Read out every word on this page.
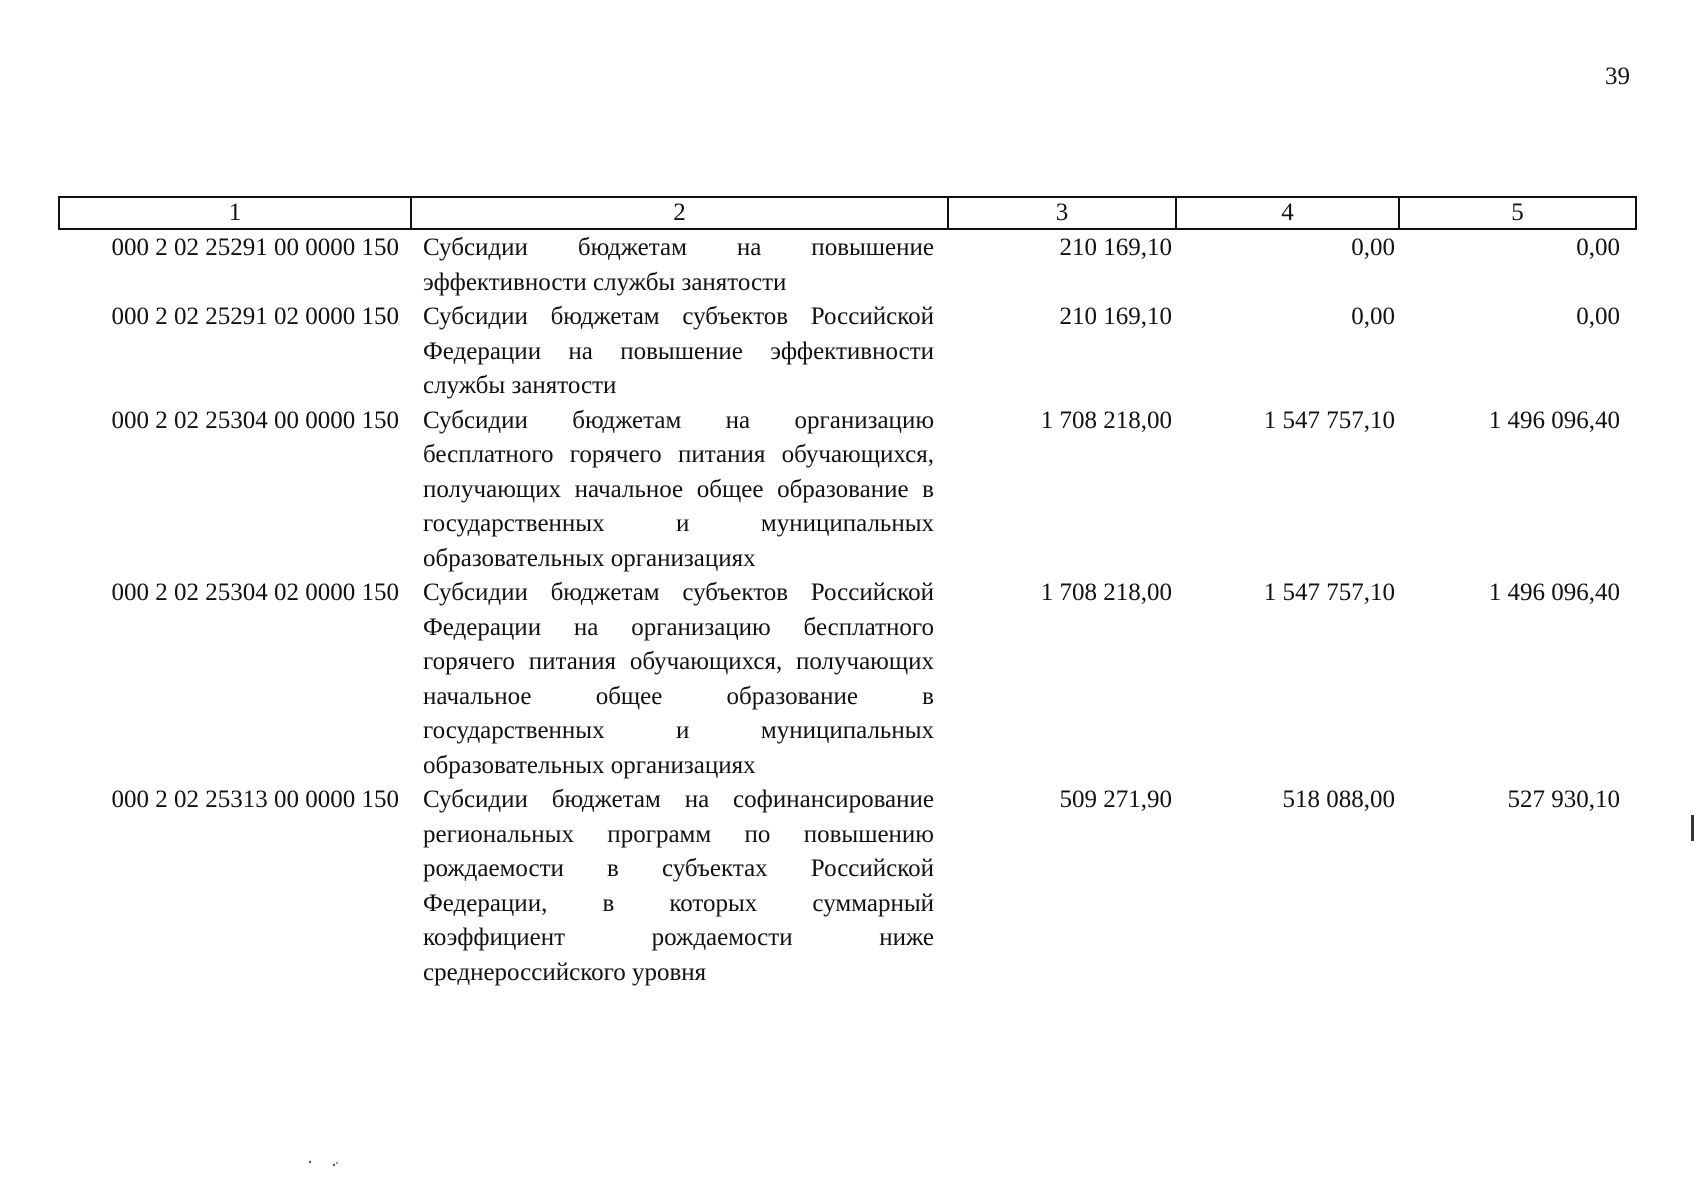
39
1	2	3	4	5
000 2 02 25291 00 0000 150	Субсидии бюджетам на повышение эффективности службы занятости	210 169,10	0,00	0,00
000 2 02 25291 02 0000 150	Субсидии бюджетам субъектов Российской Федерации на повышение эффективности службы занятости	210 169,10	0,00	0,00
000 2 02 25304 00 0000 150	Субсидии бюджетам на организацию бесплатного горячего питания обучающихся, получающих начальное общее образование в государственных и муниципальных образовательных организациях	1 708 218,00	1 547 757,10	1 496 096,40
000 2 02 25304 02 0000 150	Субсидии бюджетам субъектов Российской Федерации на организацию бесплатного горячего питания обучающихся, получающих начальное общее образование в государственных и муниципальных образовательных организациях	1 708 218,00	1 547 757,10	1 496 096,40
000 2 02 25313 00 0000 150	Субсидии бюджетам на софинансирование региональных программ по повышению рождаемости в субъектах Российской Федерации, в которых суммарный коэффициент рождаемости ниже среднероссийского уровня	509 271,90	518 088,00	527 930,10
